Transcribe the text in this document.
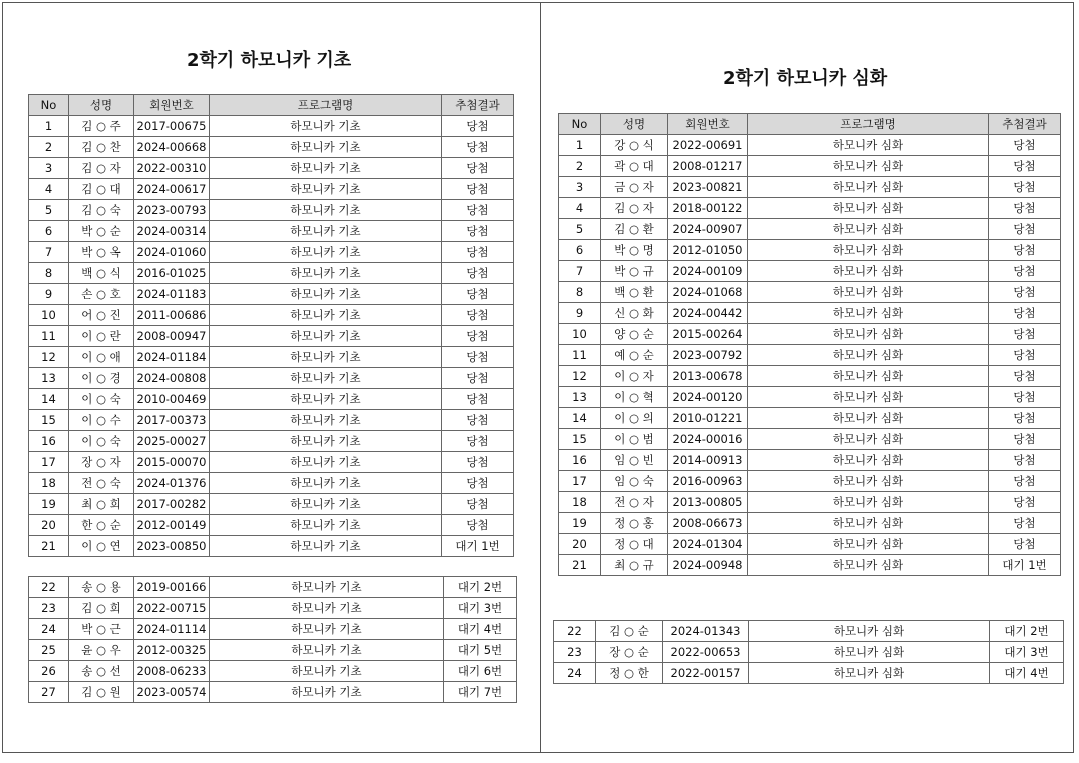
2학기 하모니카 기초
2학기 하모니카 심화
No	성명	회원번호	프로그램명	추첨결과
1	김 ○ 주	2017-00675	하모니카 기초	당첨
2	김 ○ 찬	2024-00668	하모니카 기초	당첨
3	김 ○ 자	2022-00310	하모니카 기초	당첨
4	김 ○ 대	2024-00617	하모니카 기초	당첨
5	김 ○ 숙	2023-00793	하모니카 기초	당첨
6	박 ○ 순	2024-00314	하모니카 기초	당첨
7	박 ○ 옥	2024-01060	하모니카 기초	당첨
8	백 ○ 식	2016-01025	하모니카 기초	당첨
9	손 ○ 호	2024-01183	하모니카 기초	당첨
10	어 ○ 진	2011-00686	하모니카 기초	당첨
11	이 ○ 란	2008-00947	하모니카 기초	당첨
12	이 ○ 애	2024-01184	하모니카 기초	당첨
13	이 ○ 경	2024-00808	하모니카 기초	당첨
14	이 ○ 숙	2010-00469	하모니카 기초	당첨
15	이 ○ 수	2017-00373	하모니카 기초	당첨
16	이 ○ 숙	2025-00027	하모니카 기초	당첨
17	장 ○ 자	2015-00070	하모니카 기초	당첨
18	전 ○ 숙	2024-01376	하모니카 기초	당첨
19	최 ○ 희	2017-00282	하모니카 기초	당첨
20	한 ○ 순	2012-00149	하모니카 기초	당첨
21	이 ○ 연	2023-00850	하모니카 기초	대기 1번
22	송 ○ 용	2019-00166	하모니카 기초	대기 2번
23	김 ○ 희	2022-00715	하모니카 기초	대기 3번
24	박 ○ 근	2024-01114	하모니카 기초	대기 4번
25	윤 ○ 우	2012-00325	하모니카 기초	대기 5번
26	송 ○ 선	2008-06233	하모니카 기초	대기 6번
27	김 ○ 원	2023-00574	하모니카 기초	대기 7번
No	성명	회원번호	프로그램명	추첨결과
1	강 ○ 식	2022-00691	하모니카 심화	당첨
2	곽 ○ 대	2008-01217	하모니카 심화	당첨
3	금 ○ 자	2023-00821	하모니카 심화	당첨
4	김 ○ 자	2018-00122	하모니카 심화	당첨
5	김 ○ 환	2024-00907	하모니카 심화	당첨
6	박 ○ 명	2012-01050	하모니카 심화	당첨
7	박 ○ 규	2024-00109	하모니카 심화	당첨
8	백 ○ 환	2024-01068	하모니카 심화	당첨
9	신 ○ 화	2024-00442	하모니카 심화	당첨
10	양 ○ 순	2015-00264	하모니카 심화	당첨
11	예 ○ 순	2023-00792	하모니카 심화	당첨
12	이 ○ 자	2013-00678	하모니카 심화	당첨
13	이 ○ 혁	2024-00120	하모니카 심화	당첨
14	이 ○ 의	2010-01221	하모니카 심화	당첨
15	이 ○ 범	2024-00016	하모니카 심화	당첨
16	임 ○ 빈	2014-00913	하모니카 심화	당첨
17	임 ○ 숙	2016-00963	하모니카 심화	당첨
18	전 ○ 자	2013-00805	하모니카 심화	당첨
19	정 ○ 홍	2008-06673	하모니카 심화	당첨
20	정 ○ 대	2024-01304	하모니카 심화	당첨
21	최 ○ 규	2024-00948	하모니카 심화	대기 1번
22	김 ○ 순	2024-01343	하모니카 심화	대기 2번
23	장 ○ 순	2022-00653	하모니카 심화	대기 3번
24	정 ○ 한	2022-00157	하모니카 심화	대기 4번
